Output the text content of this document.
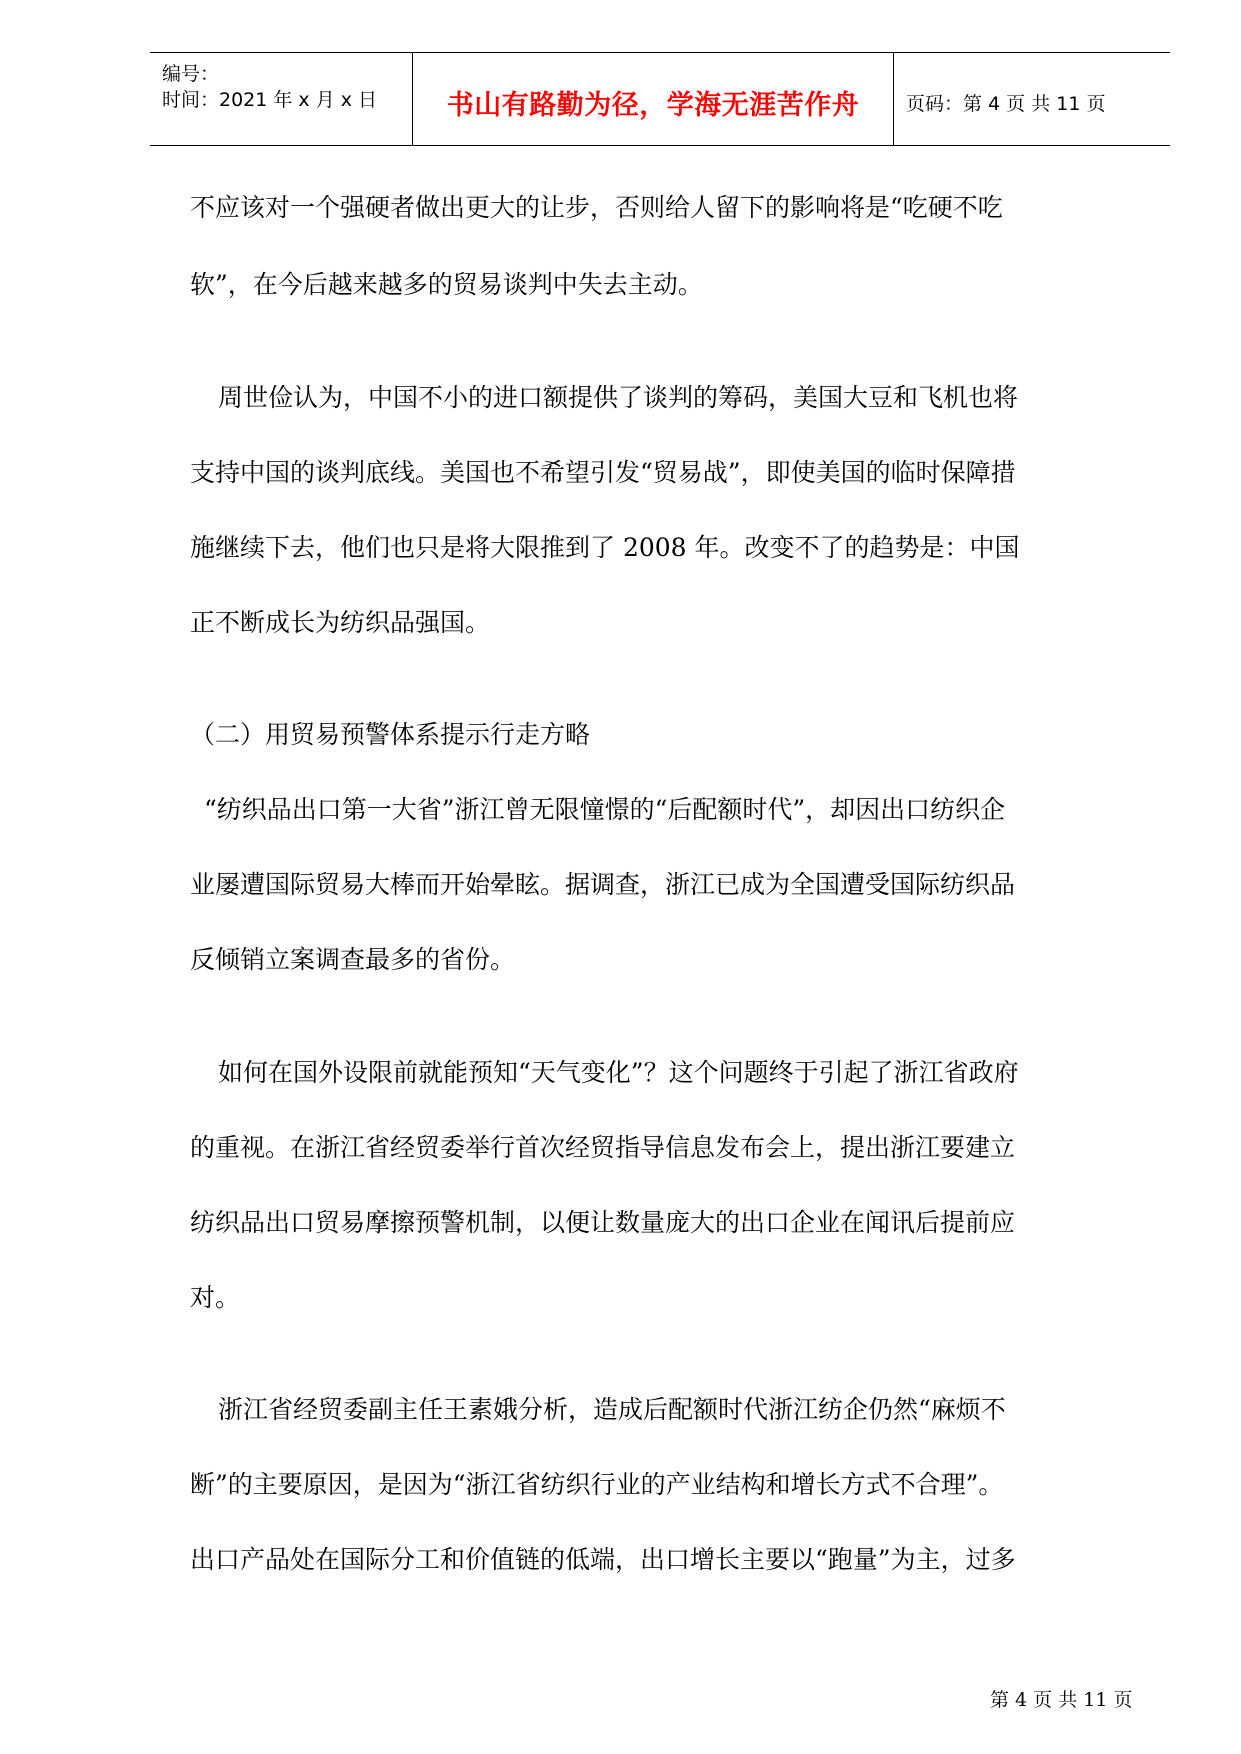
编号：
时间：2021 年 x 月 x 日	书山有路勤为径，学海无涯苦作舟	页码：第 4 页 共 11 页
不应该对一个强硬者做出更大的让步，否则给人留下的影响将是“吃硬不吃
软”，在今后越来越多的贸易谈判中失去主动。
周世俭认为，中国不小的进口额提供了谈判的筹码，美国大豆和飞机也将
支持中国的谈判底线。美国也不希望引发“贸易战”，即使美国的临时保障措
施继续下去，他们也只是将大限推到了 2008 年。改变不了的趋势是：中国
正不断成长为纺织品强国。
（二）用贸易预警体系提示行走方略
“纺织品出口第一大省”浙江曾无限憧憬的“后配额时代”，却因出口纺织企
业屡遭国际贸易大棒而开始晕眩。据调查，浙江已成为全国遭受国际纺织品
反倾销立案调查最多的省份。
如何在国外设限前就能预知“天气变化”？这个问题终于引起了浙江省政府
的重视。在浙江省经贸委举行首次经贸指导信息发布会上，提出浙江要建立
纺织品出口贸易摩擦预警机制，以便让数量庞大的出口企业在闻讯后提前应
对。
浙江省经贸委副主任王素娥分析，造成后配额时代浙江纺企仍然“麻烦不
断”的主要原因，是因为“浙江省纺织行业的产业结构和增长方式不合理”。
出口产品处在国际分工和价值链的低端，出口增长主要以“跑量”为主，过多
第 4 页 共 11 页
